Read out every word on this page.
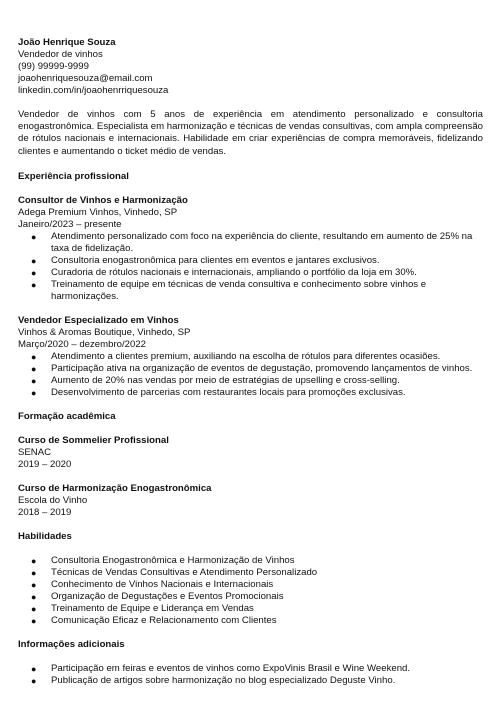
João Henrique Souza
Vendedor de vinhos
(99) 99999-9999
joaohenriquesouza@email.com
linkedin.com/in/joaohenrriquesouza
Vendedor de vinhos com 5 anos de experiência em atendimento personalizado e consultoria enogastronômica. Especialista em harmonização e técnicas de vendas consultivas, com ampla compreensão de rótulos nacionais e internacionais. Habilidade em criar experiências de compra memoráveis, fidelizando clientes e aumentando o ticket médio de vendas.
Experiência profissional
Consultor de Vinhos e Harmonização
Adega Premium Vinhos, Vinhedo, SP
Janeiro/2023 – presente
● Atendimento personalizado com foco na experiência do cliente, resultando em aumento de 25% na taxa de fidelização.
● Consultoria enogastronômica para clientes em eventos e jantares exclusivos.
● Curadoria de rótulos nacionais e internacionais, ampliando o portfólio da loja em 30%.
● Treinamento de equipe em técnicas de venda consultiva e conhecimento sobre vinhos e harmonizações.
Vendedor Especializado em Vinhos
Vinhos & Aromas Boutique, Vinhedo, SP
Março/2020 – dezembro/2022
● Atendimento a clientes premium, auxiliando na escolha de rótulos para diferentes ocasiões.
● Participação ativa na organização de eventos de degustação, promovendo lançamentos de vinhos.
● Aumento de 20% nas vendas por meio de estratégias de upselling e cross-selling.
● Desenvolvimento de parcerias com restaurantes locais para promoções exclusivas.
Formação acadêmica
Curso de Sommelier Profissional
SENAC
2019 – 2020
Curso de Harmonização Enogastronômica
Escola do Vinho
2018 – 2019
Habilidades
● Consultoria Enogastronômica e Harmonização de Vinhos
● Técnicas de Vendas Consultivas e Atendimento Personalizado
● Conhecimento de Vinhos Nacionais e Internacionais
● Organização de Degustações e Eventos Promocionais
● Treinamento de Equipe e Liderança em Vendas
● Comunicação Eficaz e Relacionamento com Clientes
Informações adicionais
● Participação em feiras e eventos de vinhos como ExpoVinis Brasil e Wine Weekend.
● Publicação de artigos sobre harmonização no blog especializado Deguste Vinho.
